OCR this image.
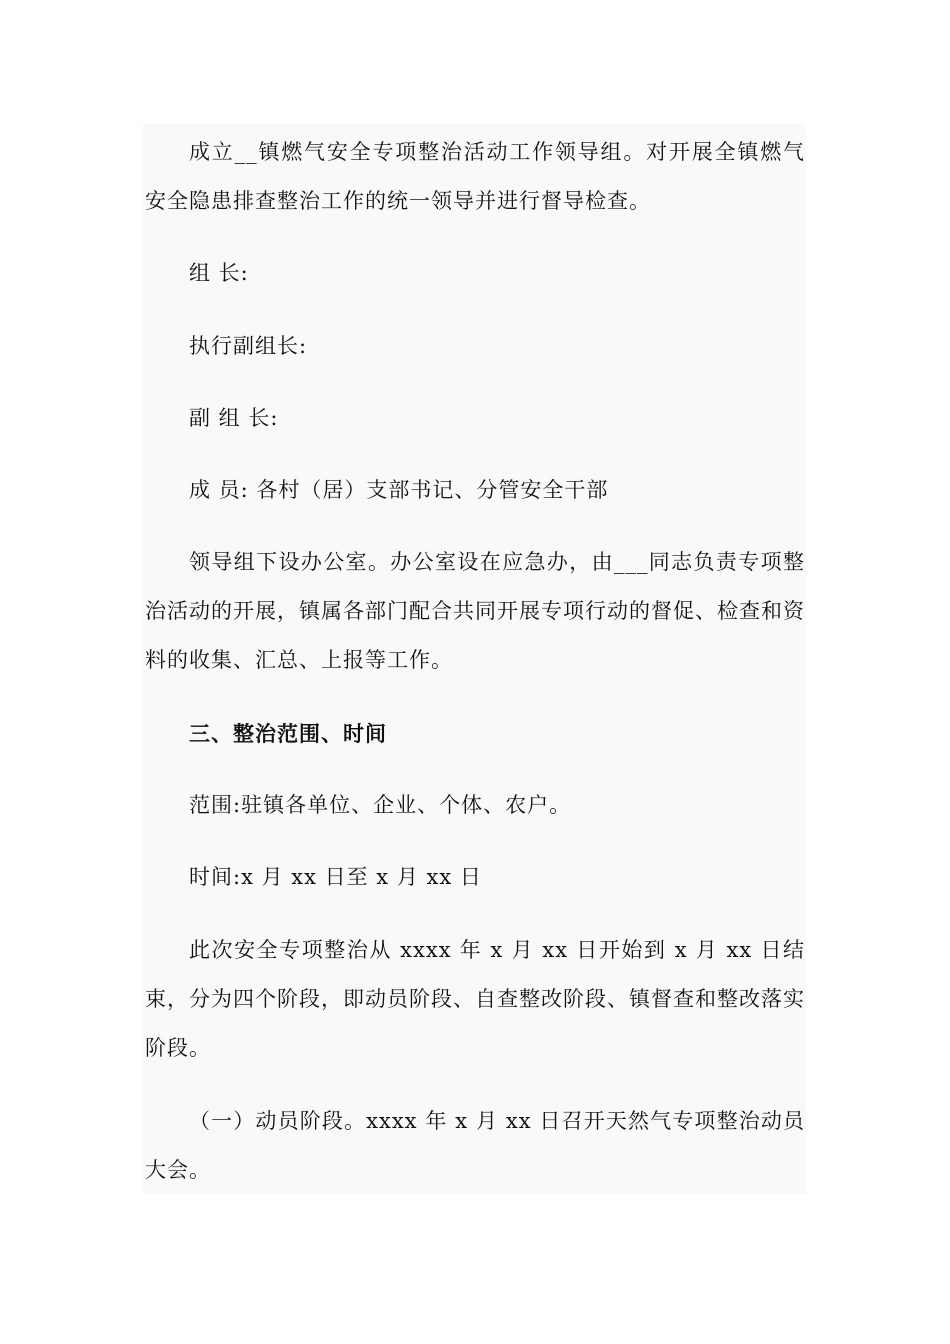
成立__镇燃气安全专项整治活动工作领导组。对开展全镇燃气安全隐患排查整治工作的统一领导并进行督导检查。

组 长:

执行副组长:

副 组 长:

成 员: 各村（居）支部书记、分管安全干部

领导组下设办公室。办公室设在应急办，由___同志负责专项整治活动的开展，镇属各部门配合共同开展专项行动的督促、检查和资料的收集、汇总、上报等工作。

三、整治范围、时间

范围:驻镇各单位、企业、个体、农户。

时间:x 月 xx 日至 x 月 xx 日

此次安全专项整治从 xxxx 年 x 月 xx 日开始到 x 月 xx 日结束，分为四个阶段，即动员阶段、自查整改阶段、镇督查和整改落实阶段。

（一）动员阶段。xxxx 年 x 月 xx 日召开天然气专项整治动员大会。
